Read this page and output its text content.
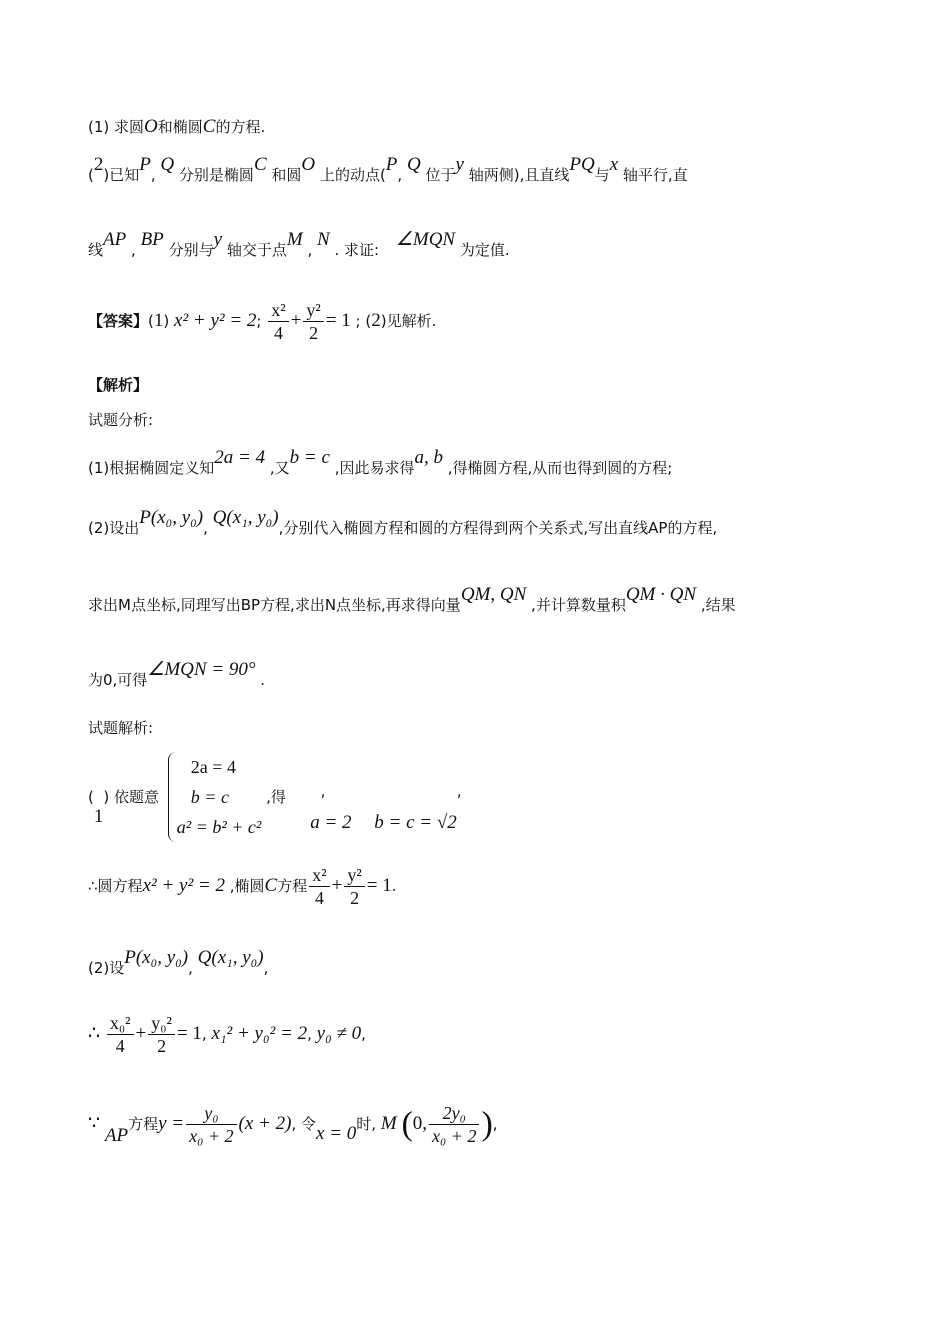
(1) 求圆O和椭圆C的方程.
(2)已知P, Q 分别是椭圆C 和圆O 上的动点(P, Q 位于y 轴两侧),且直线PQ与x 轴平行,直
线AP , BP 分别与y 轴交于点M , N . 求证: ∠MQN 为定值.
【答案】(1) x² + y² = 2; $\frac{\text{x²}}{4} + \frac{\text{y²}}{2} = 1$ ; (2)见解析.
【解析】
试题分析:
(1)根据椭圆定义知2a = 4 ,又b = c ,因此易求得a, b ,得椭圆方程,从而也得到圆的方程;
(2)设出P(x₀, y₀), Q(x₁, y₀),分别代入椭圆方程和圆的方程得到两个关系式,写出直线AP的方程,
求出M点坐标,同理写出BP方程,求出N点坐标,再求得向量QM, QN ,并计算数量积QM · QN ,结果
为0,可得∠MQN = 90° .
试题解析:
(1) 依题意
2a = 4
b = c
a² = b² + c²
,得 , a = 2 b = c = √2,
∴圆方程x² + y² = 2 ,椭圆C方程 $\frac{\text{x²}}{4} + \frac{\text{y²}}{2} = 1$.
(2)设P(x₀, y₀), Q(x₁, y₀),
∴ $\frac{\text{x₀²}}{4} + \frac{\text{y₀²}}{2} = 1$, x₁² + y₀² = 2, y₀ ≠ 0,
∵ AP方程$y = \frac{\text{y₀}}{\text{x₀ + 2}} (x + 2)$, 令x = 0时, M (0, $\frac{\text{2y₀}}{\text{x₀ + 2}}$ ),
